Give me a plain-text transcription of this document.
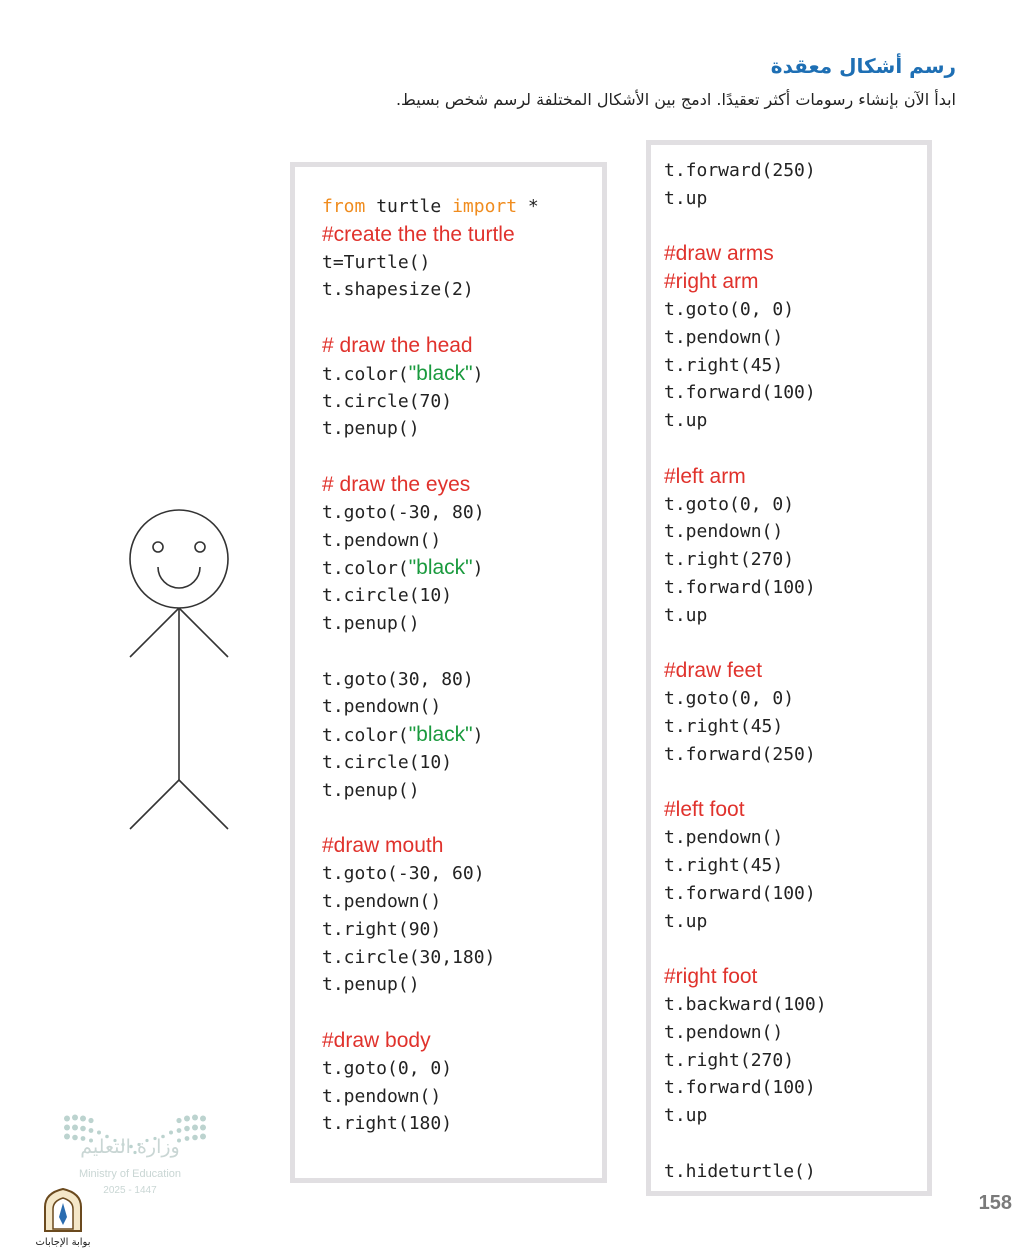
رسم أشكال معقدة

ابدأ الآن بإنشاء رسومات أكثر تعقيدًا. ادمج بين الأشكال المختلفة لرسم شخص بسيط.

from turtle import *
#create the the turtle
t=Turtle()
t.shapesize(2)
# draw the head
t.color("black")
t.circle(70)
t.penup()
# draw the eyes
t.goto(-30, 80)
t.pendown()
t.color("black")
t.circle(10)
t.penup()
t.goto(30, 80)
t.pendown()
t.color("black")
t.circle(10)
t.penup()
#draw mouth
t.goto(-30, 60)
t.pendown()
t.right(90)
t.circle(30,180)
t.penup()
#draw body
t.goto(0, 0)
t.pendown()
t.right(180)
t.forward(250)
t.up
#draw arms
#right arm
t.goto(0, 0)
t.pendown()
t.right(45)
t.forward(100)
t.up
#left arm
t.goto(0, 0)
t.pendown()
t.right(270)
t.forward(100)
t.up
#draw feet
t.goto(0, 0)
t.right(45)
t.forward(250)
#left foot
t.pendown()
t.right(45)
t.forward(100)
t.up
#right foot
t.backward(100)
t.pendown()
t.right(270)
t.forward(100)
t.up
t.hideturtle()
وزارة التعليم
Ministry of Education
2025 - 1447
بوابة الإجابات
158
